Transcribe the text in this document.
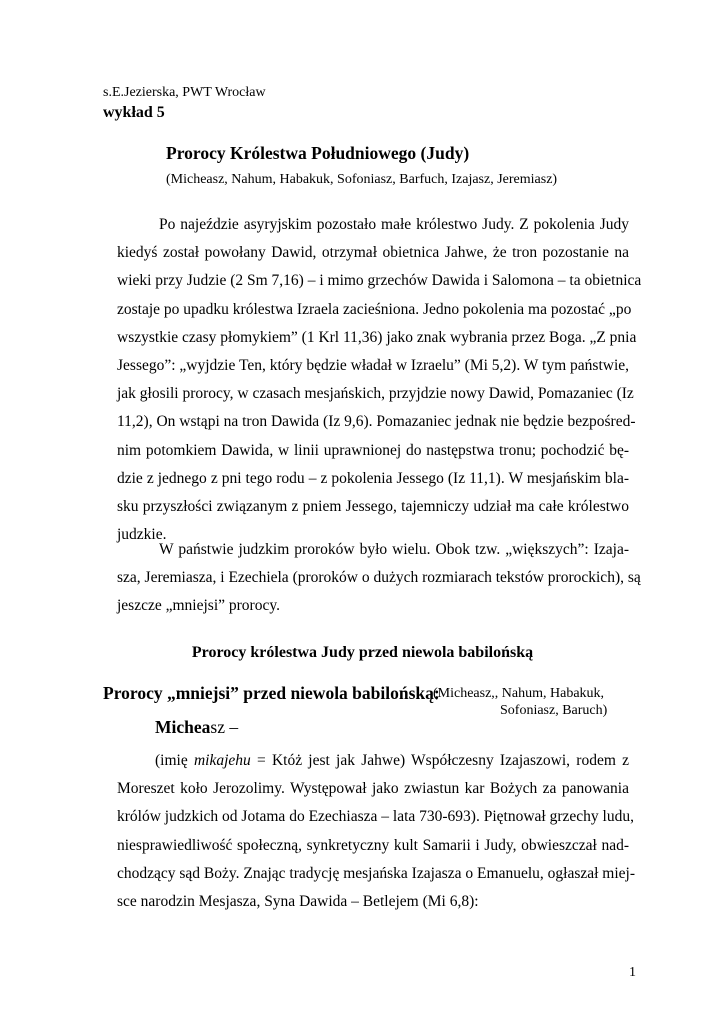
s.E.Jezierska, PWT Wrocław
wykład 5
Prorocy Królestwa Południowego (Judy)
(Micheasz, Nahum, Habakuk, Sofoniasz, Barfuch, Izajasz, Jeremiasz)
Po najeździe asyryjskim pozostało małe królestwo Judy. Z pokolenia Judy
kiedyś został powołany Dawid, otrzymał obietnica Jahwe, że tron pozostanie na
wieki przy Judzie (2 Sm 7,16) – i mimo grzechów Dawida i Salomona – ta obietnica
zostaje po upadku królestwa Izraela zacieśniona. Jedno pokolenia ma pozostać „po
wszystkie czasy płomykiem” (1 Krl 11,36) jako znak wybrania przez Boga. „Z pnia
Jessego”: „wyjdzie Ten, który będzie władał w Izraelu” (Mi 5,2). W tym państwie,
jak głosili prorocy, w czasach mesjańskich, przyjdzie nowy Dawid, Pomazaniec (Iz
11,2), On wstąpi na tron Dawida (Iz 9,6). Pomazaniec jednak nie będzie bezpośred-
nim potomkiem Dawida, w linii uprawnionej do następstwa tronu; pochodzić bę-
dzie z jednego z pni tego rodu – z pokolenia Jessego (Iz 11,1). W mesjańskim bla-
sku przyszłości związanym z pniem Jessego, tajemniczy udział ma całe królestwo
judzkie.
W państwie judzkim proroków było wielu. Obok tzw. „większych”: Izaja-
sza, Jeremiasza, i Ezechiela (proroków o dużych rozmiarach tekstów prorockich), są
jeszcze „mniejsi” prorocy.
Prorocy królestwa Judy przed niewola babilońską
Prorocy „mniejsi” przed niewola babilońską:
(Micheasz,, Nahum, Habakuk,
Sofoniasz, Baruch)
Micheasz –
(imię mikajehu = Któż jest jak Jahwe) Współczesny Izajaszowi, rodem z
Moreszet koło Jerozolimy. Występował jako zwiastun kar Bożych za panowania
królów judzkich od Jotama do Ezechiasza – lata 730-693). Piętnował grzechy ludu,
niesprawiedliwość społeczną, synkretyczny kult Samarii i Judy, obwieszczał nad-
chodzący sąd Boży. Znając tradycję mesjańska Izajasza o Emanuelu, ogłaszał miej-
sce narodzin Mesjasza, Syna Dawida – Betlejem (Mi 6,8):
1
